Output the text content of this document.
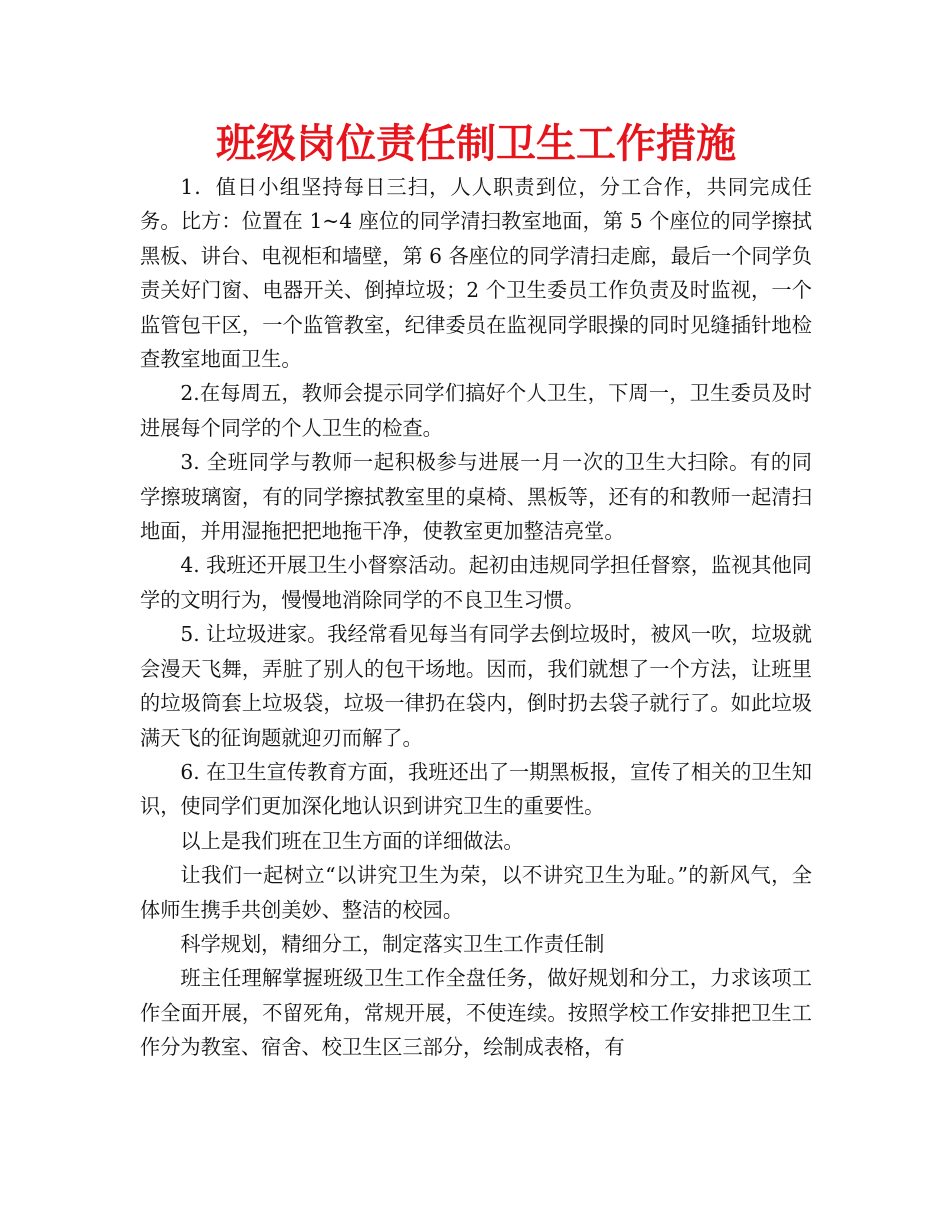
班级岗位责任制卫生工作措施

1．值日小组坚持每日三扫，人人职责到位，分工合作，共同完成任务。比方：位置在 1~4 座位的同学清扫教室地面，第 5 个座位的同学擦拭黑板、讲台、电视柜和墙壁，第 6 各座位的同学清扫走廊，最后一个同学负责关好门窗、电器开关、倒掉垃圾；2 个卫生委员工作负责及时监视，一个监管包干区，一个监管教室，纪律委员在监视同学眼操的同时见缝插针地检查教室地面卫生。

2.在每周五，教师会提示同学们搞好个人卫生，下周一，卫生委员及时进展每个同学的个人卫生的检查。

3. 全班同学与教师一起积极参与进展一月一次的卫生大扫除。有的同 学擦玻璃窗，有的同学擦拭教室里的桌椅、黑板等，还有的和教师一起清扫地面，并用湿拖把把地拖干净，使教室更加整洁亮堂。

4. 我班还开展卫生小督察活动。起初由违规同学担任督察，监视其他同学的文明行为，慢慢地消除同学的不良卫生习惯。

5. 让垃圾进家。我经常看见每当有同学去倒垃圾时，被风一吹，垃圾就会漫天飞舞，弄脏了别人的包干场地。因而，我们就想了一个方法，让班里的垃圾筒套上垃圾袋，垃圾一律扔在袋内，倒时扔去袋子就行了。如此垃圾满天飞的征询题就迎刃而解了。

6. 在卫生宣传教育方面，我班还出了一期黑板报，宣传了相关的卫生知识，使同学们更加深化地认识到讲究卫生的重要性。

以上是我们班在卫生方面的详细做法。

让我们一起树立“以讲究卫生为荣，以不讲究卫生为耻。”的新风气，全体师生携手共创美妙、整洁的校园。

科学规划，精细分工，制定落实卫生工作责任制

班主任理解掌握班级卫生工作全盘任务，做好规划和分工，力求该项工作全面开展，不留死角，常规开展，不使连续。按照学校工作安排把卫生工作分为教室、宿舍、校卫生区三部分，绘制成表格，有
